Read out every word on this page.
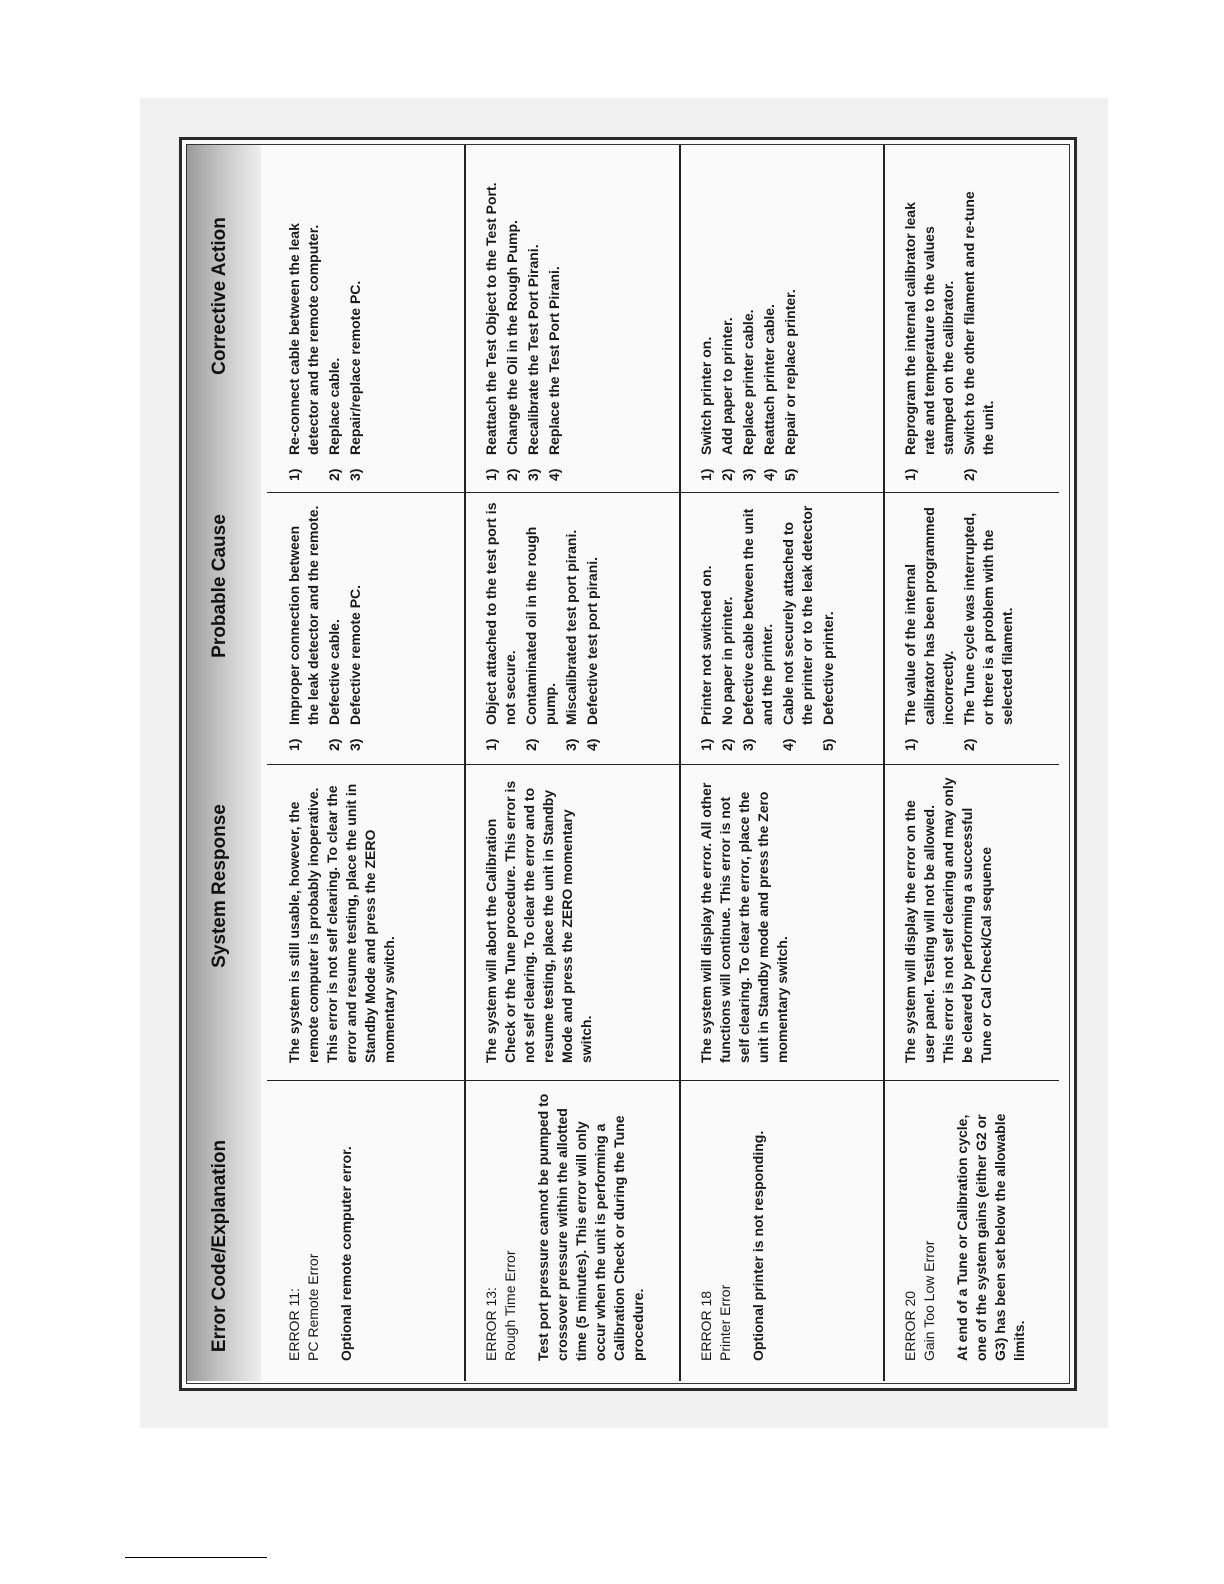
Error Code/Explanation
System Response
Probable Cause
Corrective Action

ERROR 11: PC Remote Error Optional remote computer error.

The system is still usable, however, the remote computer is probably inoperative. This error is not self clearing. To clear the error and resume testing, place the unit in Standby Mode and press the ZERO momentary switch.
1)
Improper connection between the leak detector and the remote.
2)
Defective cable.
3)
Defective remote PC.
1)
Re-connect cable between the leak detector and the remote computer.
2)
Replace cable.
3)
Repair/replace remote PC.

ERROR 13: Rough Time Error Test port pressure cannot be pumped to crossover pressure within the allotted time (5 minutes). This error will only occur when the unit is performing a Calibration Check or during the Tune procedure.

The system will abort the Calibration Check or the Tune procedure. This error is not self clearing. To clear the error and to resume testing, place the unit in Standby Mode and press the ZERO momentary switch.
1)
Object attached to the test port is not secure.
2)
Contaminated oil in the rough pump.
3)
Miscalibrated test port pirani.
4)
Defective test port pirani.
1)
Reattach the Test Object to the Test Port.
2)
Change the Oil in the Rough Pump.
3)
Recalibrate the Test Port Pirani.
4)
Replace the Test Port Pirani.

ERROR 18 Printer Error Optional printer is not responding.

The system will display the error. All other functions will continue. This error is not self clearing. To clear the error, place the unit in Standby mode and press the Zero momentary switch.
1)
Printer not switched on.
2)
No paper in printer.
3)
Defective cable between the unit and the printer.
4)
Cable not securely attached to the printer or to the leak detector
5)
Defective printer.
1)
Switch printer on.
2)
Add paper to printer.
3)
Replace printer cable.
4)
Reattach printer cable.
5)
Repair or replace printer.

ERROR 20 Gain Too Low Error At end of a Tune or Calibration cycle, one of the system gains (either G2 or G3) has been set below the allowable limits.

The system will display the error on the user panel. Testing will not be allowed. This error is not self clearing and may only be cleared by performing a successful Tune or Cal Check/Cal sequence
1)
The value of the internal calibrator has been programmed incorrectly.
2)
The Tune cycle was interrupted, or there is a problem with the selected filament.
1)
Reprogram the internal calibrator leak rate and temperature to the values stamped on the calibrator.
2)
Switch to the other filament and re-tune the unit.
